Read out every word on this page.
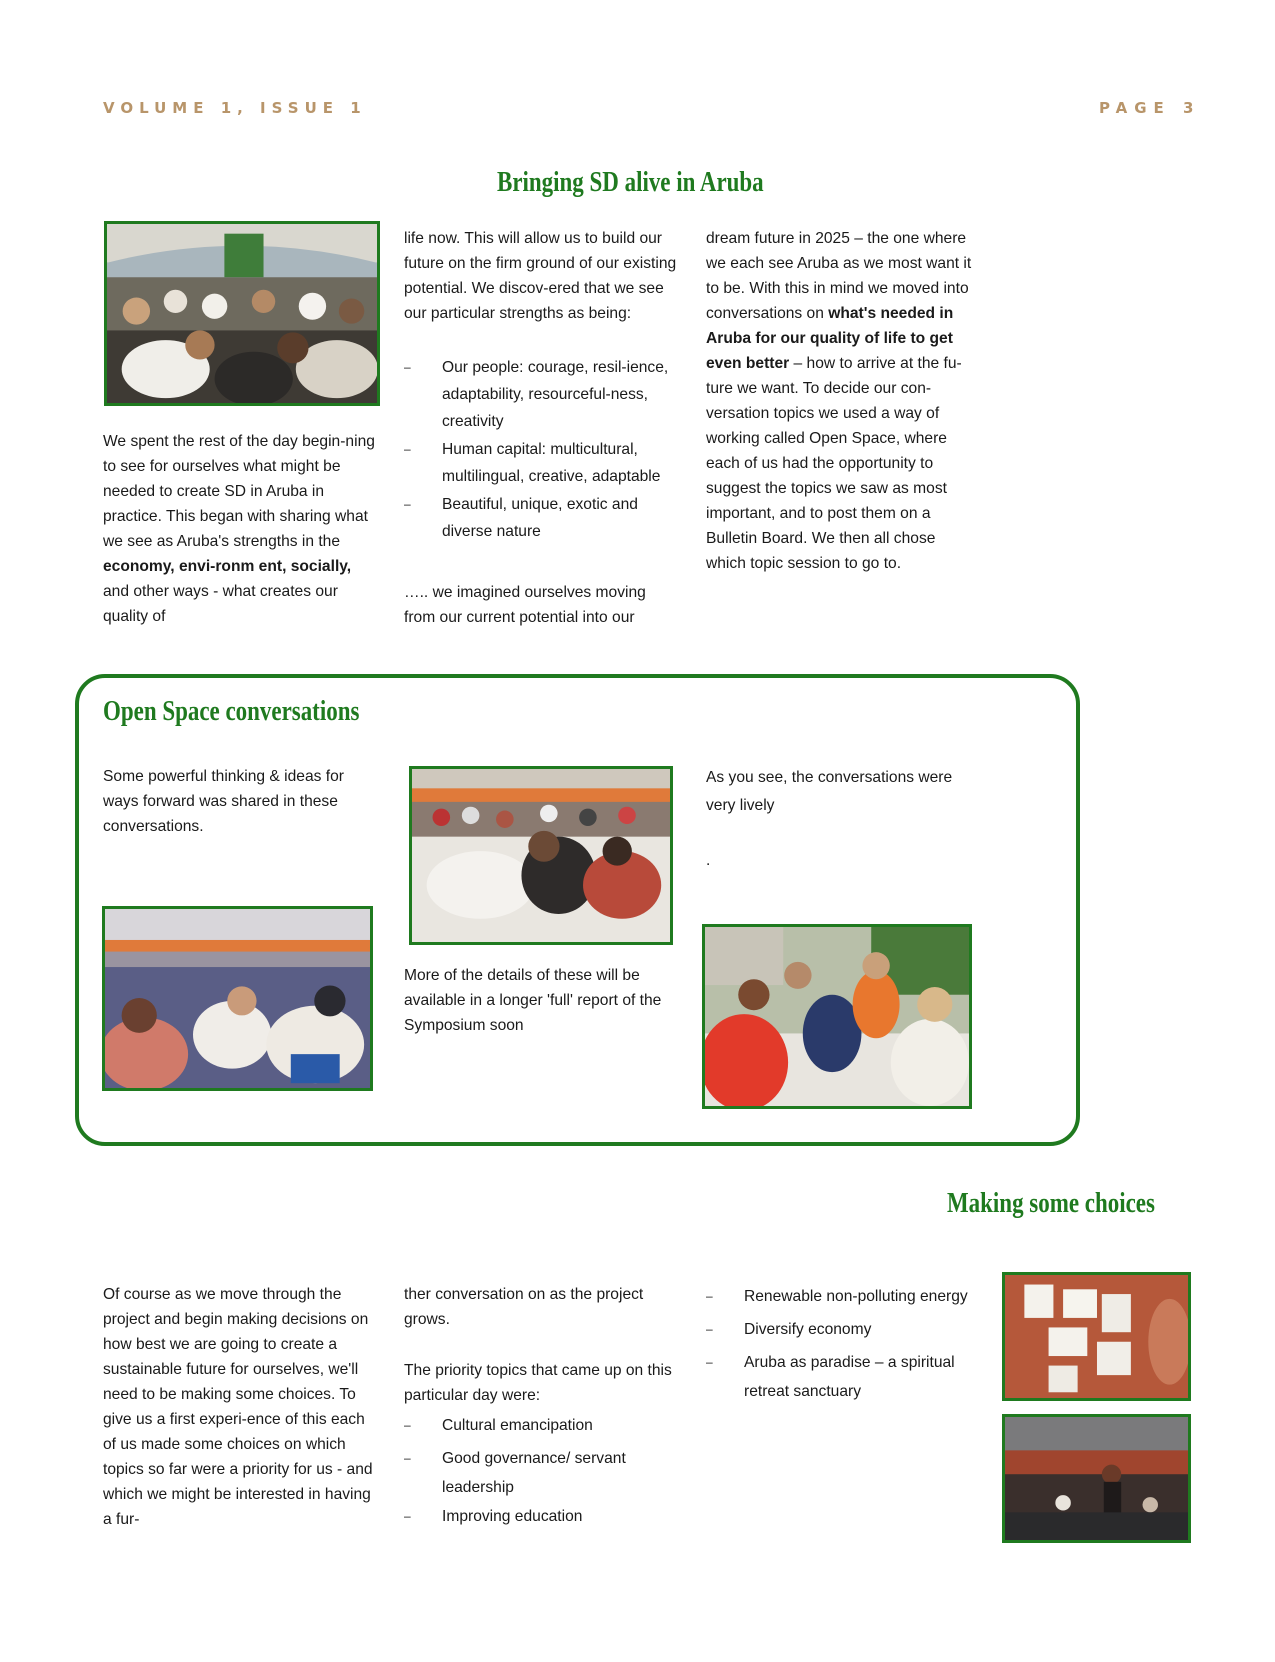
VOLUME 1, ISSUE 1	PAGE 3
Bringing SD alive in Aruba

We spent the rest of the day begin-ning to see for ourselves what might be needed to create SD in Aruba in practice. This began with sharing what we see as Aruba's strengths in the economy, envi-ronm ent, socially, and other ways - what creates our quality of

life now. This will allow us to build our future on the firm ground of our existing potential. We discov-ered that we see our particular strengths as being:

– Our people: courage, resil-ience, adaptability, resourceful-ness, creativity
– Human capital: multicultural, multilingual, creative, adaptable
– Beautiful, unique, exotic and diverse nature

….. we imagined ourselves moving from our current potential into our

dream future in 2025 – the one where we each see Aruba as we most want it to be. With this in mind we moved into conversations on what's needed in Aruba for our quality of life to get even better – how to arrive at the fu-ture we want. To decide our con-versation topics we used a way of working called Open Space, where each of us had the opportunity to suggest the topics we saw as most important, and to post them on a Bulletin Board. We then all chose which topic session to go to.

Open Space conversations

Some powerful thinking & ideas for ways forward was shared in these conversations.

More of the details of these will be available in a longer 'full' report of the Symposium soon

As you see, the conversations were very lively

.

Making some choices

Of course as we move through the project and begin making decisions on how best we are going to create a sustainable future for ourselves, we'll need to be making some choices. To give us a first experi-ence of this each of us made some choices on which topics so far were a priority for us - and which we might be interested in having a fur-

ther conversation on as the project grows.

The priority topics that came up on this particular day were:

– Cultural emancipation
– Good governance/ servant leadership
– Improving education
– Renewable non-polluting energy
– Diversify economy
– Aruba as paradise – a spiritual retreat sanctuary
